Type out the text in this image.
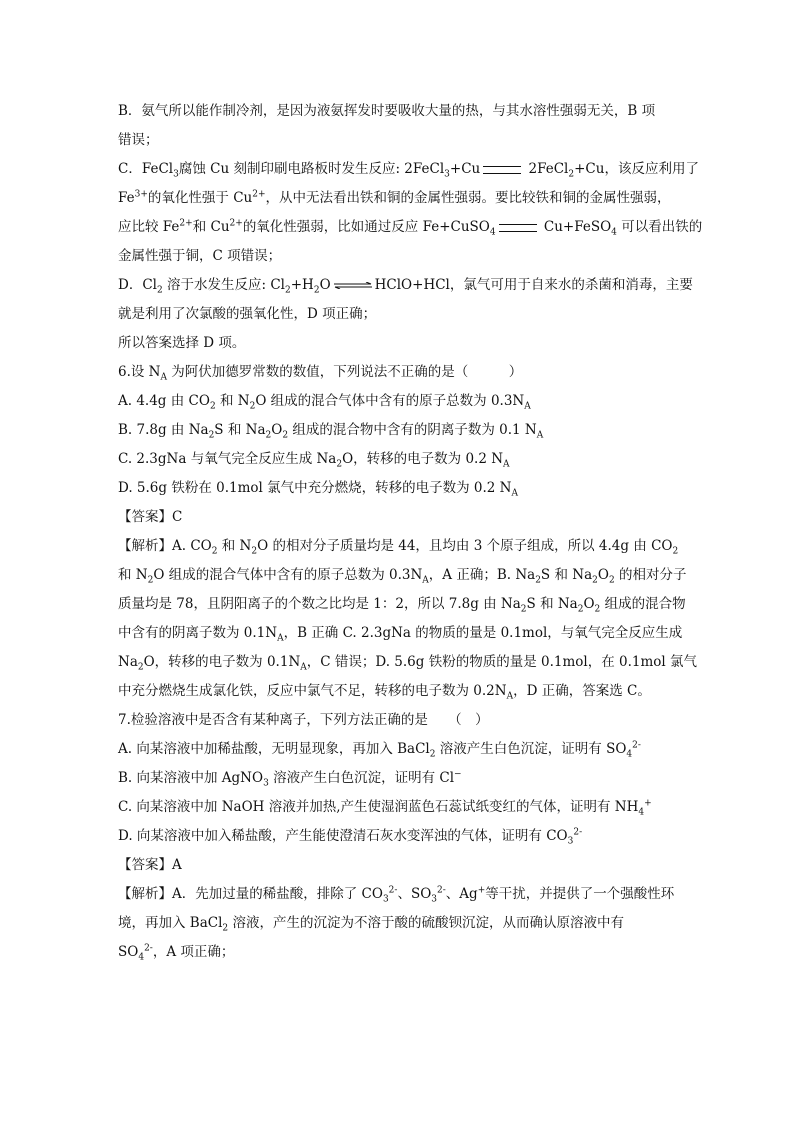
B．氨气所以能作制冷剂，是因为液氨挥发时要吸收大量的热，与其水溶性强弱无关，B 项

错误；

C．FeCl$_3$腐蚀 Cu 刻制印刷电路板时发生反应: 2FeCl$_3$+Cu	2FeCl$_2$+Cu，该反应利用了

$Fe^{3+}$的氧化性强于 $Cu^{2+}$，从中无法看出铁和铜的金属性强弱。要比较铁和铜的金属性强弱，

应比较 $Fe^{2+}$和 $Cu^{2+}$的氧化性强弱，比如通过反应 Fe+CuSO$_4$	Cu+FeSO$_4$ 可以看出铁的

金属性强于铜，C 项错误；

D．$Cl_2$ 溶于水发生反应: $Cl_2+H_2O$ ⇌ HClO+HCl，氯气可用于自来水的杀菌和消毒，主要

就是利用了次氯酸的强氧化性，D 项正确；

所以答案选择 D 项。

6.设 $N_A$ 为阿伏加德罗常数的数值，下列说法不正确的是（　　　）

A. 4.4g 由 $CO_2$ 和 $N_2O$ 组成的混合气体中含有的原子总数为 $0.3N_A$

B. 7.8g 由 $Na_2S$ 和 $Na_2O_2$ 组成的混合物中含有的阴离子数为 0.1 $N_A$

C. 2.3gNa 与氧气完全反应生成 $Na_2O$，转移的电子数为 0.2 $N_A$

D. 5.6g 铁粉在 0.1mol 氯气中充分燃烧，转移的电子数为 0.2 $N_A$

【答案】C

【解析】A. $CO_2$ 和 $N_2O$ 的相对分子质量均是 44，且均由 3 个原子组成，所以 4.4g 由 $CO_2$

和 $N_2O$ 组成的混合气体中含有的原子总数为 $0.3N_A$，A 正确；B. $Na_2S$ 和 $Na_2O_2$ 的相对分子

质量均是 78，且阴阳离子的个数之比均是 1：2，所以 7.8g 由 $Na_2S$ 和 $Na_2O_2$ 组成的混合物

中含有的阴离子数为 $0.1N_A$，B 正确 C. 2.3gNa 的物质的量是 0.1mol，与氧气完全反应生成

$Na_2O$，转移的电子数为 $0.1N_A$，C 错误；D. 5.6g 铁粉的物质的量是 0.1mol，在 0.1mol 氯气

中充分燃烧生成氯化铁，反应中氯气不足，转移的电子数为 $0.2N_A$，D 正确，答案选 C。

7.检验溶液中是否含有某种离子，下列方法正确的是　　（　）

A. 向某溶液中加稀盐酸，无明显现象，再加入 BaCl$_2$ 溶液产生白色沉淀，证明有 $SO_4^{2-}$

B. 向某溶液中加 AgNO$_3$ 溶液产生白色沉淀，证明有 Cl−

C. 向某溶液中加 NaOH 溶液并加热,产生使湿润蓝色石蕊试纸变红的气体，证明有 $NH_4^+$

D. 向某溶液中加入稀盐酸，产生能使澄清石灰水变浑浊的气体，证明有 $CO_3^{2-}$

【答案】A

【解析】A．先加过量的稀盐酸，排除了 $CO_3^{2-}$、$SO_3^{2-}$、Ag+等干扰，并提供了一个强酸性环

境，再加入 BaCl$_2$ 溶液，产生的沉淀为不溶于酸的硫酸钡沉淀，从而确认原溶液中有

$SO_4^{2-}$，A 项正确；
